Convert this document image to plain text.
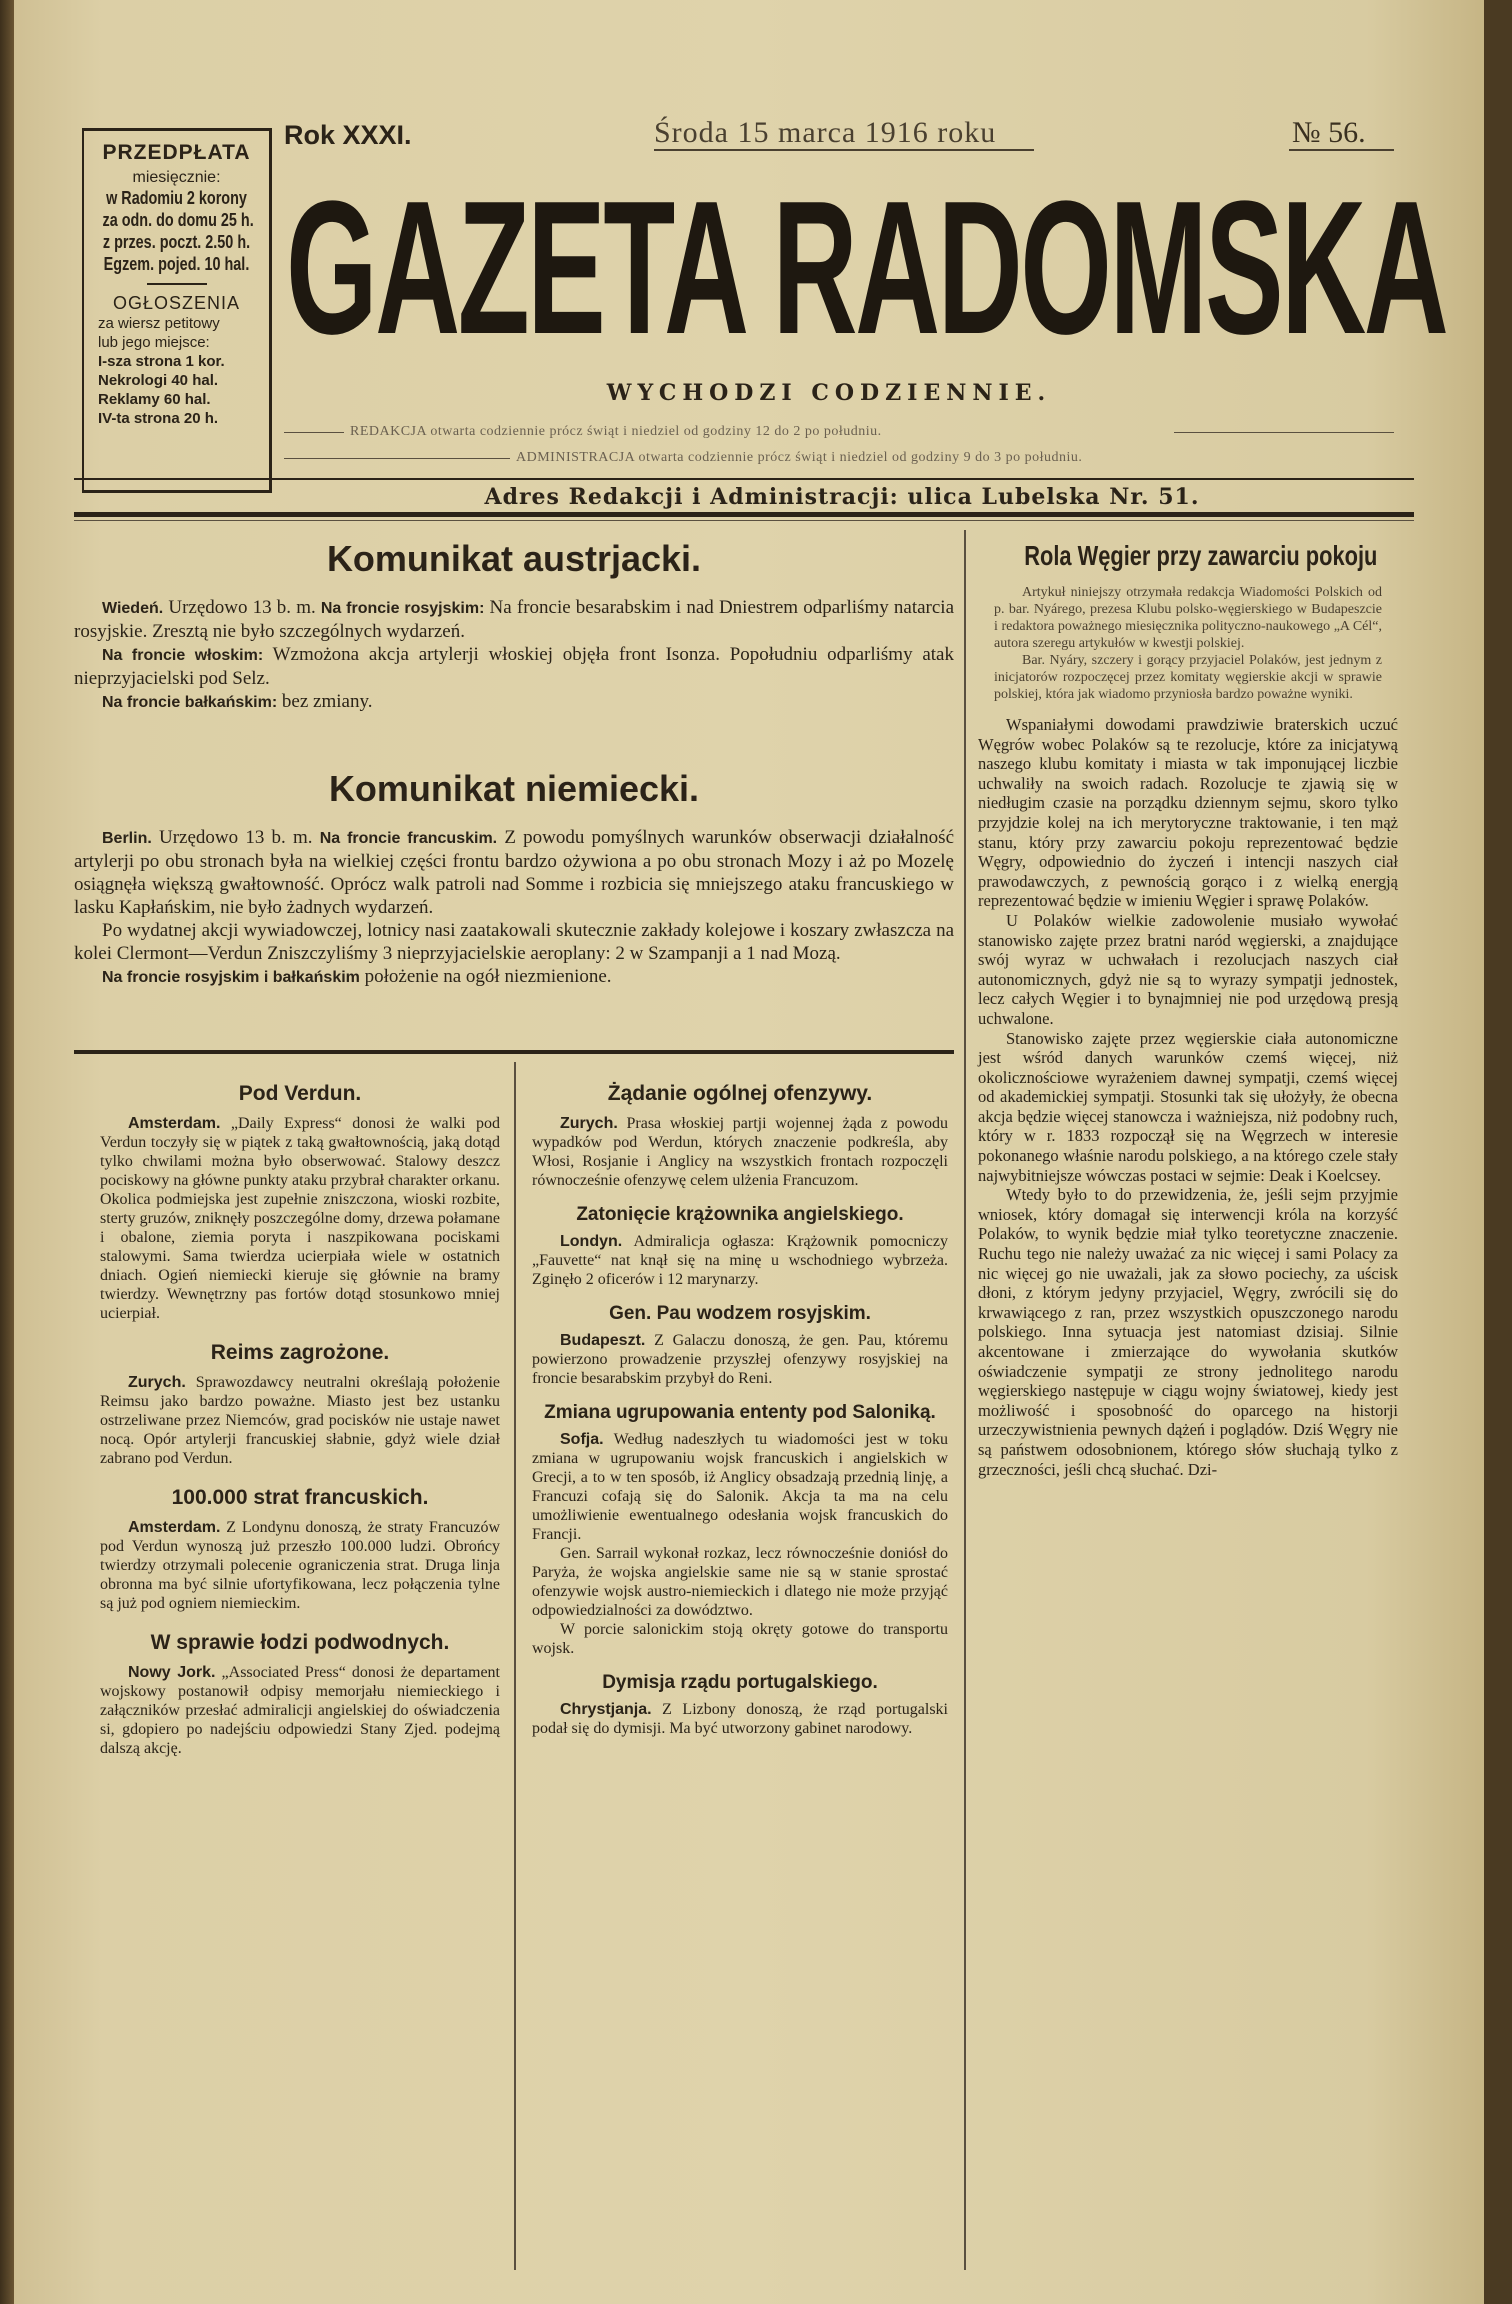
PRZEDPŁATA
miesięcznie:
w Radomiu 2 korony
za odn. do domu 25 h.
z przes. poczt. 2.50 h.
Egzem. pojed. 10 hal.
OGŁOSZENIA
za wiersz petitowy
lub jego miejsce:
I-sza strona 1 kor.
Nekrologi 40 hal.
Reklamy 60 hal.
IV-ta strona 20 h.
Rok XXXI.	Środa 15 marca 1916 roku	№ 56.
GAZETA RADOMSKA
WYCHODZI CODZIENNIE.
REDAKCJA otwarta codziennie prócz świąt i niedziel od godziny 12 do 2 po południu.
ADMINISTRACJA otwarta codziennie prócz świąt i niedziel od godziny 9 do 3 po południu.
Adres Redakcji i Administracji: ulica Lubelska Nr. 51.
Komunikat austrjacki.

Wiedeń. Urzędowo 13 b. m. Na froncie rosyjskim: Na froncie besarabskim i nad Dniestrem odparliśmy natarcia rosyjskie. Zresztą nie było szczególnych wydarzeń.

Na froncie włoskim: Wzmożona akcja artylerji włoskiej objęła front Isonza. Popołudniu odparliśmy atak nieprzyjacielski pod Selz.

Na froncie bałkańskim: bez zmiany.

Komunikat niemiecki.

Berlin. Urzędowo 13 b. m. Na froncie francuskim. Z powodu pomyślnych warunków obserwacji działalność artylerji po obu stronach była na wielkiej części frontu bardzo ożywiona a po obu stronach Mozy i aż po Mozelę osiągnęła większą gwałtowność. Oprócz walk patroli nad Somme i rozbicia się mniejszego ataku francuskiego w lasku Kapłańskim, nie było żadnych wydarzeń.

Po wydatnej akcji wywiadowczej, lotnicy nasi zaatakowali skutecznie zakłady kolejowe i koszary zwłaszcza na kolei Clermont—Verdun Zniszczyliśmy 3 nieprzyjacielskie aeroplany: 2 w Szampanji a 1 nad Mozą.

Na froncie rosyjskim i bałkańskim położenie na ogół niezmienione.

Pod Verdun.

Amsterdam. „Daily Express“ donosi że walki pod Verdun toczyły się w piątek z taką gwałtownością, jaką dotąd tylko chwilami można było obserwować. Stalowy deszcz pociskowy na główne punkty ataku przybrał charakter orkanu. Okolica podmiejska jest zupełnie zniszczona, wioski rozbite, sterty gruzów, zniknęły poszczególne domy, drzewa połamane i obalone, ziemia poryta i naszpikowana pociskami stalowymi. Sama twierdza ucierpiała wiele w ostatnich dniach. Ogień niemiecki kieruje się głównie na bramy twierdzy. Wewnętrzny pas fortów dotąd stosunkowo mniej ucierpiał.

Reims zagrożone.

Zurych. Sprawozdawcy neutralni określają położenie Reimsu jako bardzo poważne. Miasto jest bez ustanku ostrzeliwane przez Niemców, grad pocisków nie ustaje nawet nocą. Opór artylerji francuskiej słabnie, gdyż wiele dział zabrano pod Verdun.

100.000 strat francuskich.

Amsterdam. Z Londynu donoszą, że straty Francuzów pod Verdun wynoszą już przeszło 100.000 ludzi. Obrońcy twierdzy otrzymali polecenie ograniczenia strat. Druga linja obronna ma być silnie ufortyfikowana, lecz połączenia tylne są już pod ogniem niemieckim.

W sprawie łodzi podwodnych.

Nowy Jork. „Associated Press“ donosi że departament wojskowy postanowił odpisy memorjału niemieckiego i załączników przesłać admiralicji angielskiej do oświadczenia si, gdopiero po nadejściu odpowiedzi Stany Zjed. podejmą dalszą akcję.

Żądanie ogólnej ofenzywy.

Zurych. Prasa włoskiej partji wojennej żąda z powodu wypadków pod Werdun, których znaczenie podkreśla, aby Włosi, Rosjanie i Anglicy na wszystkich frontach rozpoczęli równocześnie ofenzywę celem ulżenia Francuzom.

Zatonięcie krążownika angielskiego.

Londyn. Admiralicja ogłasza: Krążownik pomocniczy „Fauvette“ nat knął się na minę u wschodniego wybrzeża. Zginęło 2 oficerów i 12 marynarzy.

Gen. Pau wodzem rosyjskim.

Budapeszt. Z Galaczu donoszą, że gen. Pau, któremu powierzono prowadzenie przyszłej ofenzywy rosyjskiej na froncie besarabskim przybył do Reni.

Zmiana ugrupowania ententy pod Saloniką.

Sofja. Według nadeszłych tu wiadomości jest w toku zmiana w ugrupowaniu wojsk francuskich i angielskich w Grecji, a to w ten sposób, iż Anglicy obsadzają przednią linję, a Francuzi cofają się do Salonik. Akcja ta ma na celu umożliwienie ewentualnego odesłania wojsk francuskich do Francji.

Gen. Sarrail wykonał rozkaz, lecz równocześnie doniósł do Paryża, że wojska angielskie same nie są w stanie sprostać ofenzywie wojsk austro-niemieckich i dlatego nie może przyjąć odpowiedzialności za dowództwo.

W porcie salonickim stoją okręty gotowe do transportu wojsk.

Dymisja rządu portugalskiego.

Chrystjanja. Z Lizbony donoszą, że rząd portugalski podał się do dymisji. Ma być utworzony gabinet narodowy.

Rola Węgier przy zawarciu pokoju

Artykuł niniejszy otrzymała redakcja Wiadomości Polskich od p. bar. Nyárego, prezesa Klubu polsko-węgierskiego w Budapeszcie i redaktora poważnego miesięcznika polityczno-naukowego „A Cél“, autora szeregu artykułów w kwestji polskiej.

Bar. Nyáry, szczery i gorący przyjaciel Polaków, jest jednym z inicjatorów rozpoczęcej przez komitaty węgierskie akcji w sprawie polskiej, która jak wiadomo przyniosła bardzo poważne wyniki.

Wspaniałymi dowodami prawdziwie braterskich uczuć Węgrów wobec Polaków są te rezolucje, które za inicjatywą naszego klubu komitaty i miasta w tak imponującej liczbie uchwaliły na swoich radach. Rozolucje te zjawią się w niedługim czasie na porządku dziennym sejmu, skoro tylko przyjdzie kolej na ich merytoryczne traktowanie, i ten mąż stanu, który przy zawarciu pokoju reprezentować będzie Węgry, odpowiednio do życzeń i intencji naszych ciał prawodawczych, z pewnością gorąco i z wielką energją reprezentować będzie w imieniu Węgier i sprawę Polaków.

U Polaków wielkie zadowolenie musiało wywołać stanowisko zajęte przez bratni naród węgierski, a znajdujące swój wyraz w uchwałach i rezolucjach naszych ciał autonomicznych, gdyż nie są to wyrazy sympatji jednostek, lecz całych Węgier i to bynajmniej nie pod urzędową presją uchwalone.

Stanowisko zajęte przez węgierskie ciała autonomiczne jest wśród danych warunków czemś więcej, niż okolicznościowe wyrażeniem dawnej sympatji, czemś więcej od akademickiej sympatji. Stosunki tak się ułożyły, że obecna akcja będzie więcej stanowcza i ważniejsza, niż podobny ruch, który w r. 1833 rozpoczął się na Węgrzech w interesie pokonanego właśnie narodu polskiego, a na którego czele stały najwybitniejsze wówczas postaci w sejmie: Deak i Koelcsey.

Wtedy było to do przewidzenia, że, jeśli sejm przyjmie wniosek, który domagał się interwencji króla na korzyść Polaków, to wynik będzie miał tylko teoretyczne znaczenie. Ruchu tego nie należy uważać za nic więcej i sami Polacy za nic więcej go nie uważali, jak za słowo pociechy, za uścisk dłoni, z którym jedyny przyjaciel, Węgry, zwrócili się do krwawiącego z ran, przez wszystkich opuszczonego narodu polskiego. Inna sytuacja jest natomiast dzisiaj. Silnie akcentowane i zmierzające do wywołania skutków oświadczenie sympatji ze strony jednolitego narodu węgierskiego następuje w ciągu wojny światowej, kiedy jest możliwość i sposobność do oparcego na historji urzeczywistnienia pewnych dążeń i poglądów. Dziś Węgry nie są państwem odosobnionem, którego słów słuchają tylko z grzeczności, jeśli chcą słuchać. Dzi-
